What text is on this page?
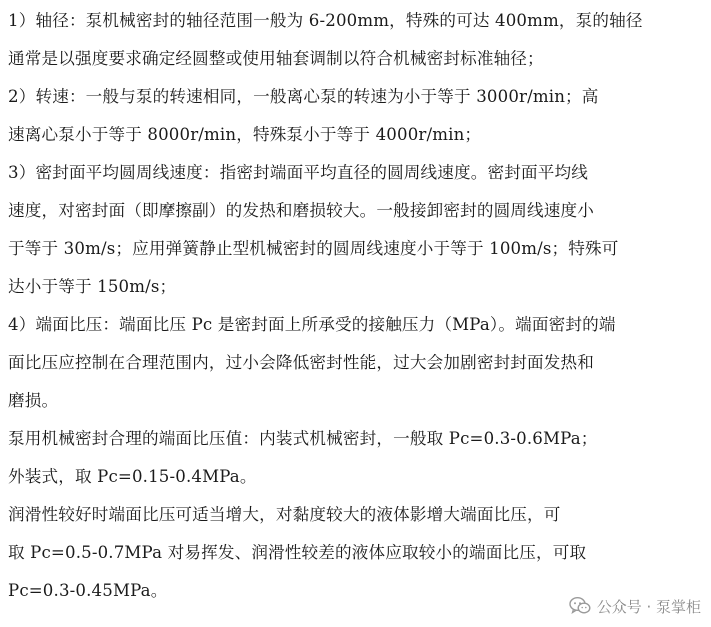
1）轴径：泵机械密封的轴径范围一般为 6-200mm，特殊的可达 400mm，泵的轴径
通常是以强度要求确定经圆整或使用轴套调制以符合机械密封标准轴径；
2）转速：一般与泵的转速相同，一般离心泵的转速为小于等于 3000r/min；高
速离心泵小于等于 8000r/min，特殊泵小于等于 4000r/min；
3）密封面平均圆周线速度：指密封端面平均直径的圆周线速度。密封面平均线
速度，对密封面（即摩擦副）的发热和磨损较大。一般接卸密封的圆周线速度小
于等于 30m/s；应用弹簧静止型机械密封的圆周线速度小于等于 100m/s；特殊可
达小于等于 150m/s；
4）端面比压：端面比压 Pc 是密封面上所承受的接触压力（MPa）。端面密封的端
面比压应控制在合理范围内，过小会降低密封性能，过大会加剧密封封面发热和
磨损。
泵用机械密封合理的端面比压值：内装式机械密封，一般取 Pc=0.3-0.6MPa；
外装式，取 Pc=0.15-0.4MPa。
润滑性较好时端面比压可适当增大，对黏度较大的液体影增大端面比压，可
取 Pc=0.5-0.7MPa 对易挥发、润滑性较差的液体应取较小的端面比压，可取
Pc=0.3-0.45MPa。
公众号 · 泵掌柜
